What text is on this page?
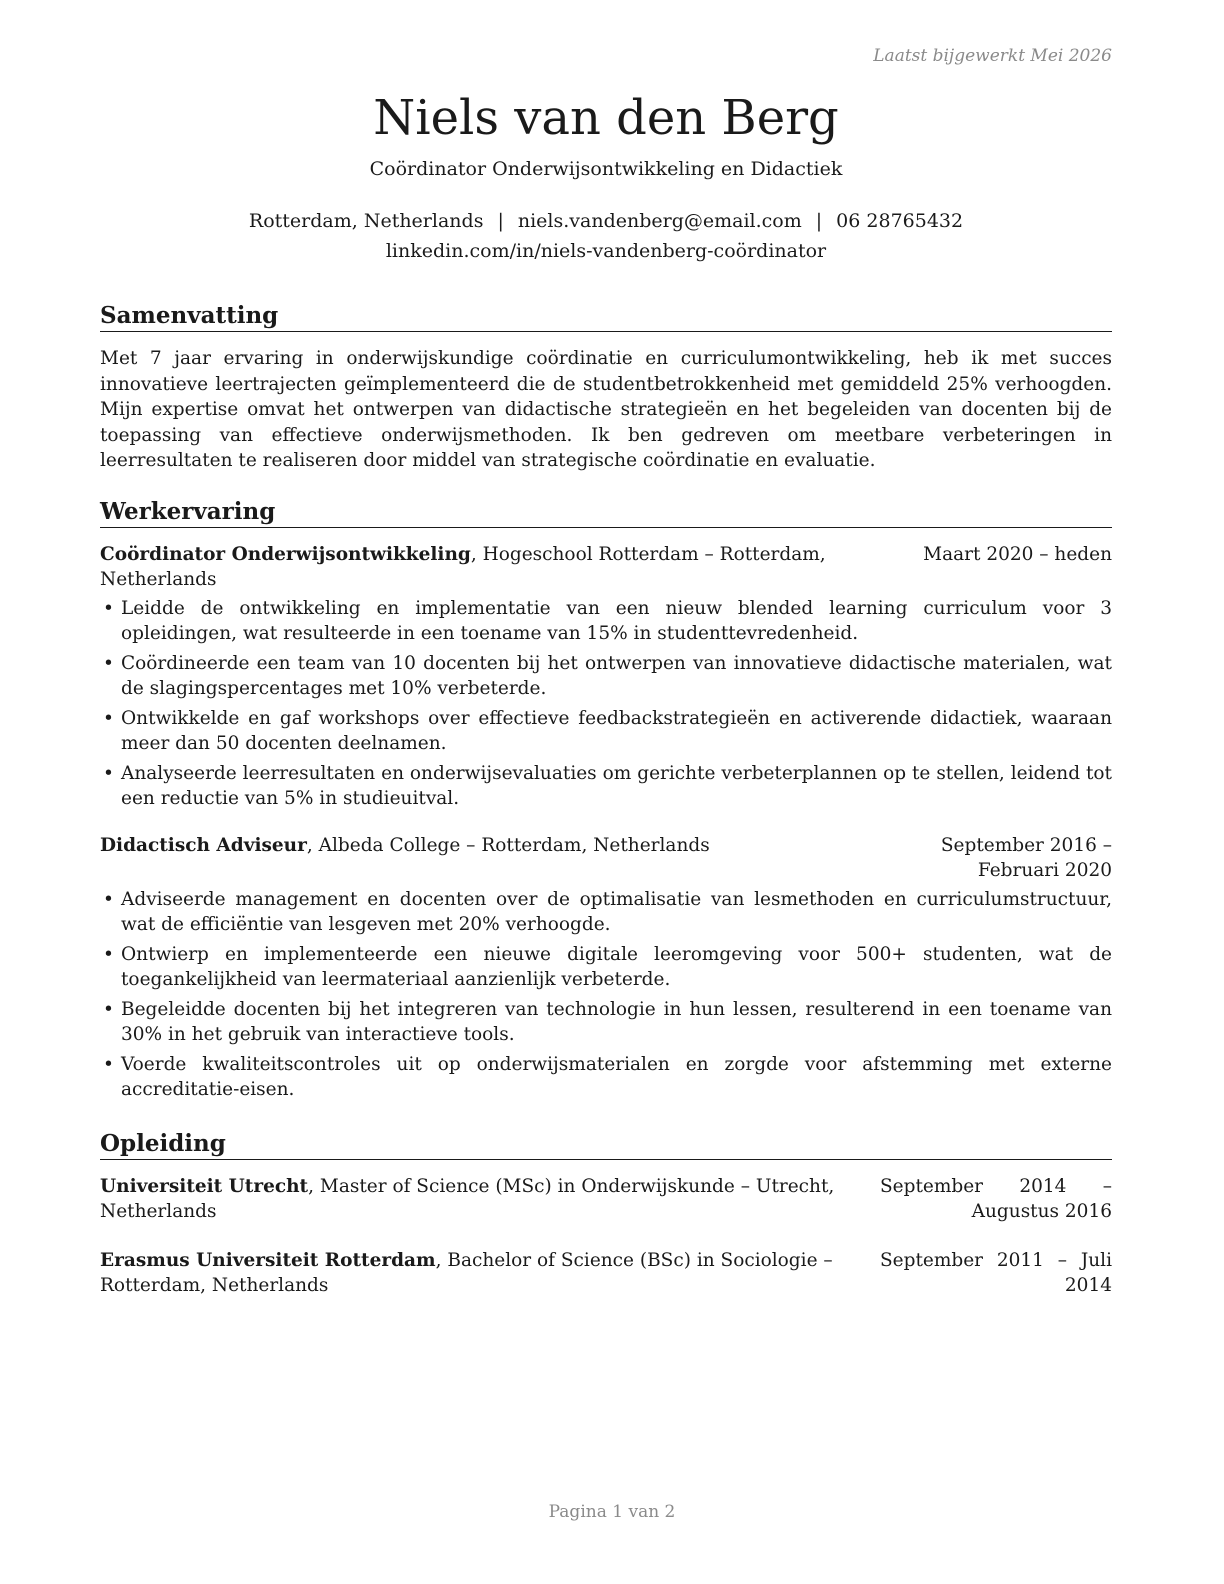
Laatst bijgewerkt Mei 2026
Niels van den Berg
Coördinator Onderwijsontwikkeling en Didactiek
Rotterdam, Netherlands | niels.vandenberg@email.com | 06 28765432
linkedin.com/in/niels-vandenberg-coördinator
Samenvatting
Met 7 jaar ervaring in onderwijskundige coördinatie en curriculumontwikkeling, heb ik met succes innovatieve leertrajecten geïmplementeerd die de studentbetrokkenheid met gemiddeld 25% verhoogden. Mijn expertise omvat het ontwerpen van didactische strategieën en het begeleiden van docenten bij de toepassing van effectieve onderwijsmethoden. Ik ben gedreven om meetbare verbeteringen in leerresultaten te realiseren door middel van strategische coördinatie en evaluatie.
Werkervaring
Coördinator Onderwijsontwikkeling, Hogeschool Rotterdam – Rotterdam, Netherlands
Maart 2020 – heden
• Leidde de ontwikkeling en implementatie van een nieuw blended learning curriculum voor 3 opleidingen, wat resulteerde in een toename van 15% in studenttevredenheid.
• Coördineerde een team van 10 docenten bij het ontwerpen van innovatieve didactische materialen, wat de slagingspercentages met 10% verbeterde.
• Ontwikkelde en gaf workshops over effectieve feedbackstrategieën en activerende didactiek, waaraan meer dan 50 docenten deelnamen.
• Analyseerde leerresultaten en onderwijsevaluaties om gerichte verbeterplannen op te stellen, leidend tot een reductie van 5% in studieuitval.
Didactisch Adviseur, Albeda College – Rotterdam, Netherlands	September 2016 – Februari 2020
• Adviseerde management en docenten over de optimalisatie van lesmethoden en curriculumstructuur, wat de efficiëntie van lesgeven met 20% verhoogde.
• Ontwierp en implementeerde een nieuwe digitale leeromgeving voor 500+ studenten, wat de toegankelijkheid van leermateriaal aanzienlijk verbeterde.
• Begeleidde docenten bij het integreren van technologie in hun lessen, resulterend in een toename van 30% in het gebruik van interactieve tools.
• Voerde kwaliteitscontroles uit op onderwijsmaterialen en zorgde voor afstemming met externe accreditatie-eisen.
Opleiding
Universiteit Utrecht, Master of Science (MSc) in Onderwijskunde – Utrecht, Netherlands
September 2014 – Augustus 2016
Erasmus Universiteit Rotterdam, Bachelor of Science (BSc) in Sociologie – Rotterdam, Netherlands
September 2011 – Juli 2014
Pagina 1 van 2
